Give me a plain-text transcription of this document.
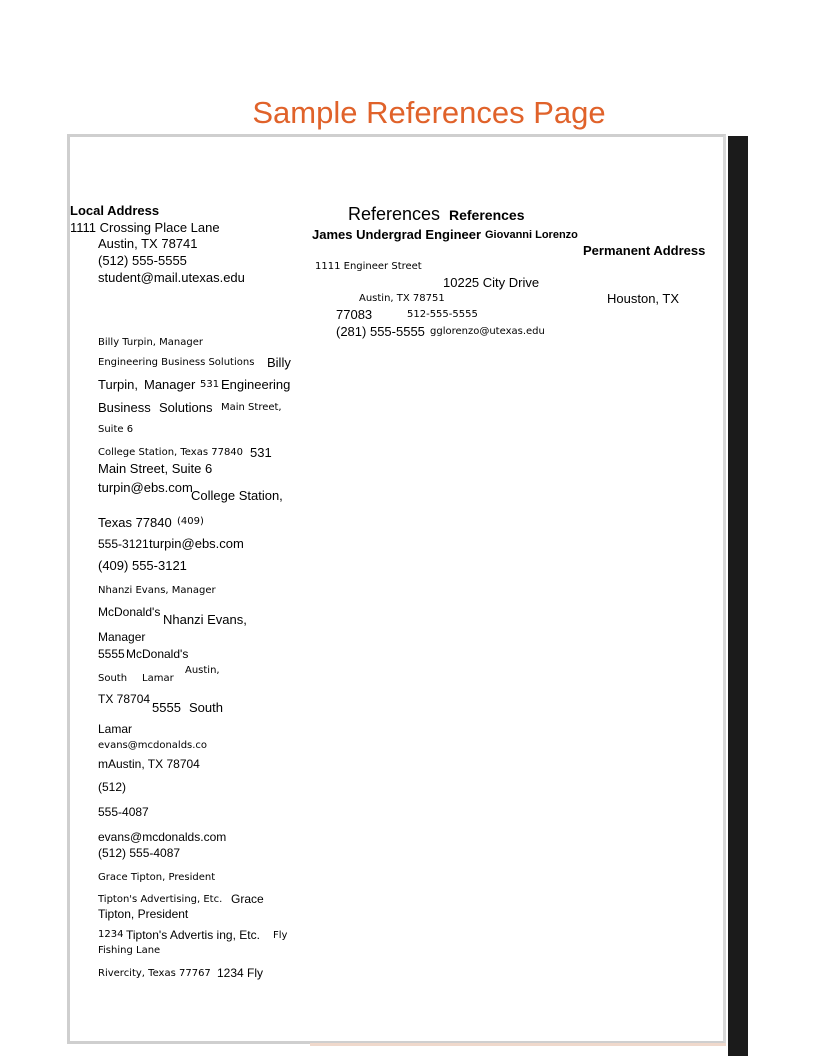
Sample References Page
Local Address
1111 Crossing Place Lane
Austin, TX 78741
(512) 555-5555
student@mail.utexas.edu
References References
James Undergrad Engineer Giovanni Lorenzo
Permanent Address
1111 Engineer Street
10225 City Drive
Austin, TX 78751	Houston, TX
77083	512-555-5555
(281) 555-5555 gglorenzo@utexas.edu
Billy Turpin, Manager
Engineering Business Solutions Billy
Turpin, Manager 531 Engineering
Business Solutions Main Street,
Suite 6
College Station, Texas 77840 531
Main Street, Suite 6
turpin@ebs.com
College Station,
Texas 77840 (409)
555-3121 turpin@ebs.com
(409) 555-3121
Nhanzi Evans, Manager
McDonald's Nhanzi Evans,
Manager
5555 McDonald's
South Lamar
Austin,
TX 78704
5555 South
Lamar
evans@mcdonalds.co
m Austin, TX 78704
(512)
555-4087
evans@mcdonalds.com
(512) 555-4087
Grace Tipton, President
Tipton's Advertising, Etc. Grace
Tipton, President
1234 Tipton's Advertis ing, Etc. Fly
Fishing Lane
Rivercity, Texas 77767 1234 Fly
